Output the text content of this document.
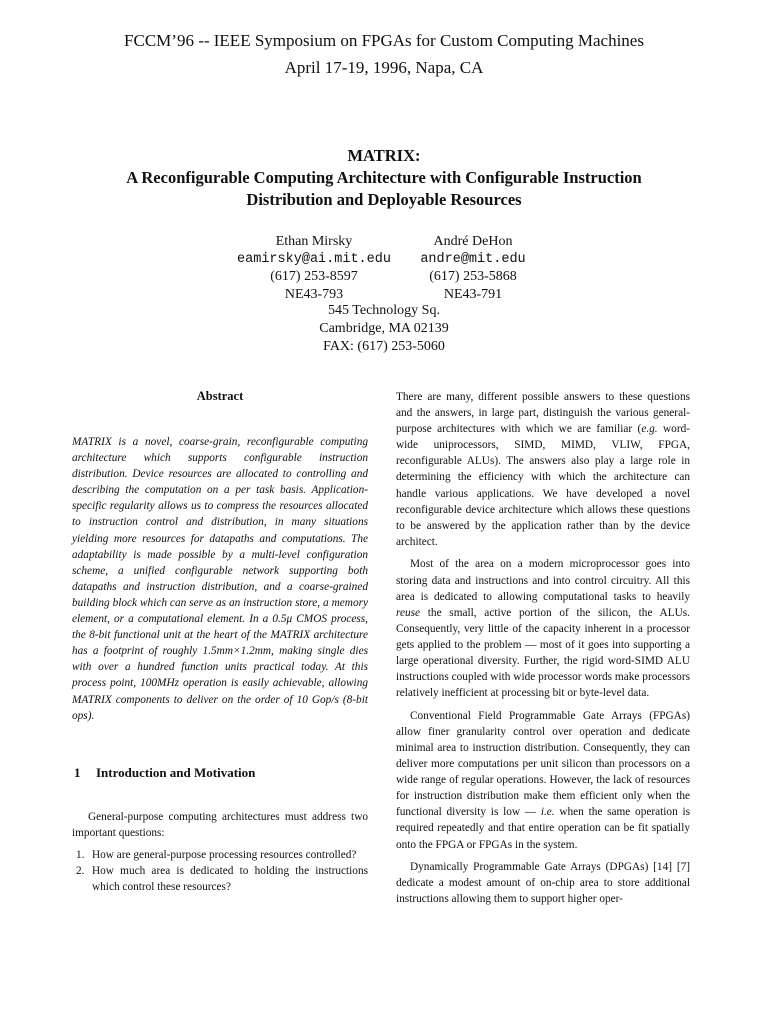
FCCM’96 -- IEEE Symposium on FPGAs for Custom Computing Machines
April 17-19, 1996, Napa, CA
MATRIX:
A Reconfigurable Computing Architecture with Configurable Instruction
Distribution and Deployable Resources
Ethan Mirsky
eamirsky@ai.mit.edu
(617) 253-8597
NE43-793
André DeHon
andre@mit.edu
(617) 253-5868
NE43-791
545 Technology Sq.
Cambridge, MA 02139
FAX: (617) 253-5060
Abstract
MATRIX is a novel, coarse-grain, reconfigurable computing architecture which supports configurable instruction distribution. Device resources are allocated to controlling and describing the computation on a per task basis. Application-specific regularity allows us to compress the resources allocated to instruction control and distribution, in many situations yielding more resources for datapaths and computations. The adaptability is made possible by a multi-level configuration scheme, a unified configurable network supporting both datapaths and instruction distribution, and a coarse-grained building block which can serve as an instruction store, a memory element, or a computational element. In a 0.5μ CMOS process, the 8-bit functional unit at the heart of the MATRIX architecture has a footprint of roughly 1.5mm×1.2mm, making single dies with over a hundred function units practical today. At this process point, 100MHz operation is easily achievable, allowing MATRIX components to deliver on the order of 10 Gop/s (8-bit ops).
1 Introduction and Motivation

General-purpose computing architectures must address two important questions:

1. How are general-purpose processing resources controlled?
2. How much area is dedicated to holding the instructions which control these resources?

There are many, different possible answers to these questions and the answers, in large part, distinguish the various general-purpose architectures with which we are familiar (e.g. word-wide uniprocessors, SIMD, MIMD, VLIW, FPGA, reconfigurable ALUs). The answers also play a large role in determining the efficiency with which the architecture can handle various applications. We have developed a novel reconfigurable device architecture which allows these questions to be answered by the application rather than by the device architect.

Most of the area on a modern microprocessor goes into storing data and instructions and into control circuitry. All this area is dedicated to allowing computational tasks to heavily reuse the small, active portion of the silicon, the ALUs. Consequently, very little of the capacity inherent in a processor gets applied to the problem — most of it goes into supporting a large operational diversity. Further, the rigid word-SIMD ALU instructions coupled with wide processor words make processors relatively inefficient at processing bit or byte-level data.

Conventional Field Programmable Gate Arrays (FPGAs) allow finer granularity control over operation and dedicate minimal area to instruction distribution. Consequently, they can deliver more computations per unit silicon than processors on a wide range of regular operations. However, the lack of resources for instruction distribution make them efficient only when the functional diversity is low — i.e. when the same operation is required repeatedly and that entire operation can be fit spatially onto the FPGA or FPGAs in the system.

Dynamically Programmable Gate Arrays (DPGAs) [14] [7] dedicate a modest amount of on-chip area to store additional instructions allowing them to support higher oper-
